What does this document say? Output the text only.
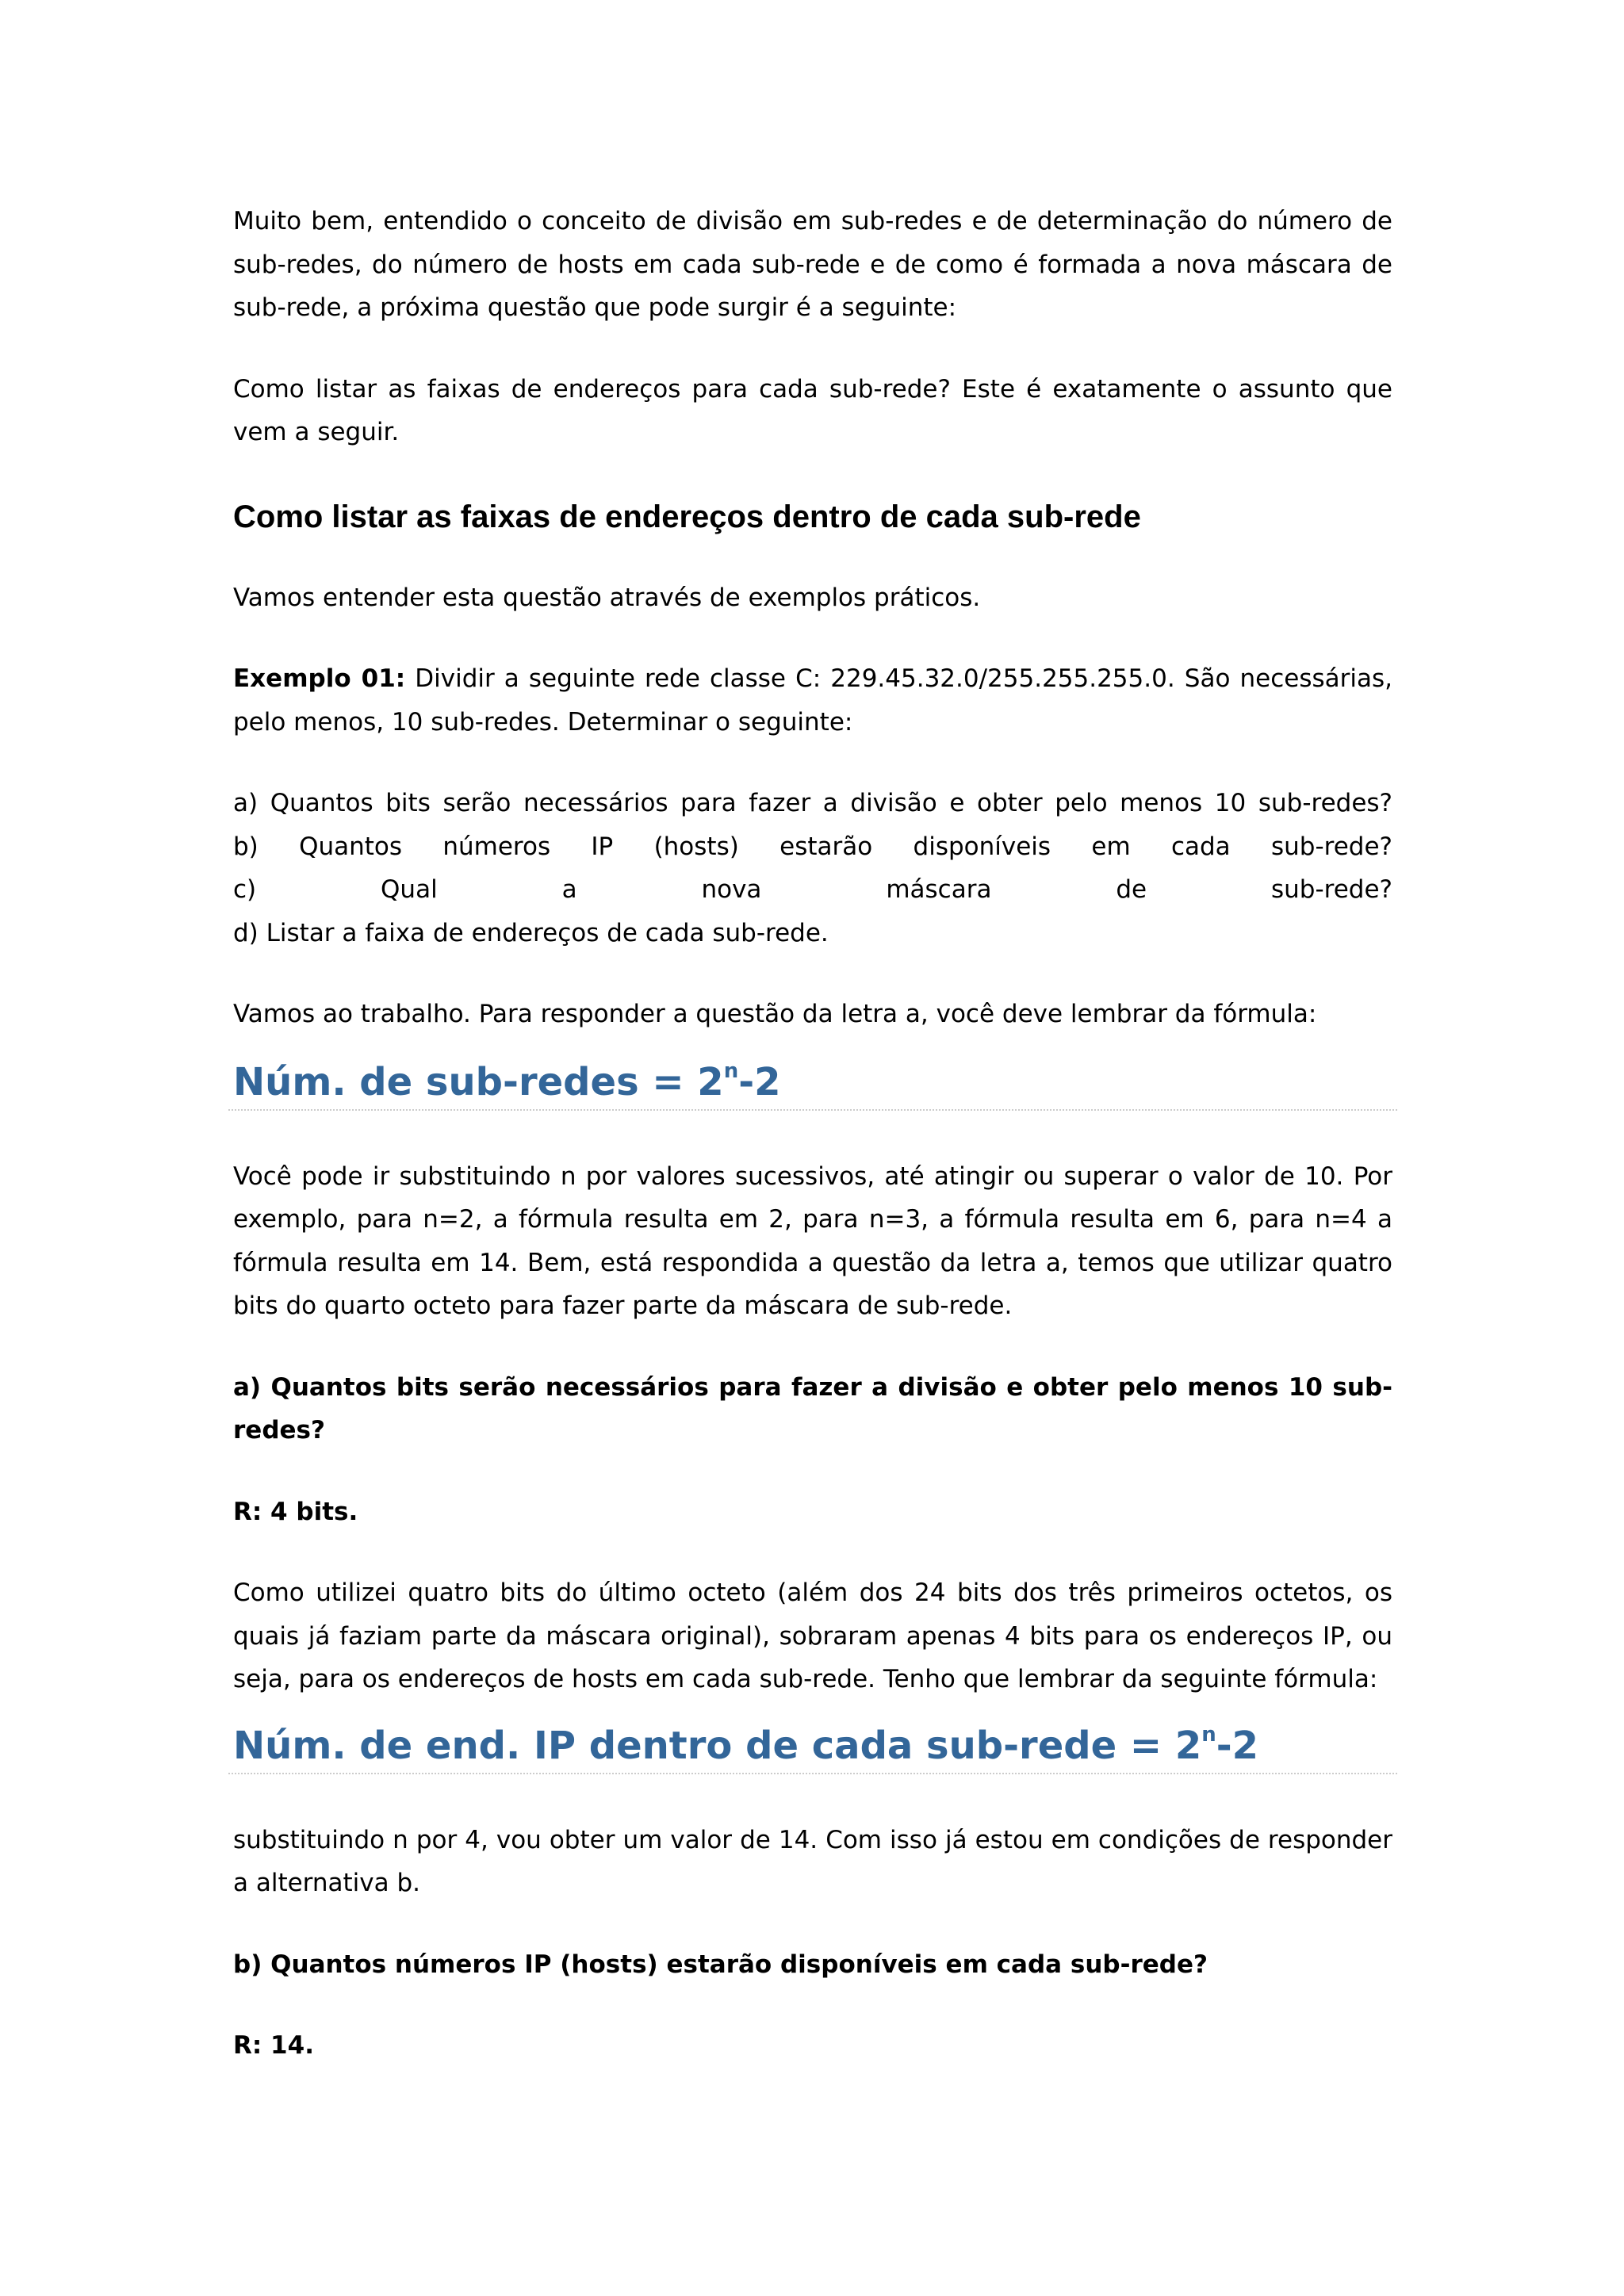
Muito bem, entendido o conceito de divisão em sub-redes e de determinação do número de sub-redes, do número de hosts em cada sub-rede e de como é formada a nova máscara de sub-rede, a próxima questão que pode surgir é a seguinte:

Como listar as faixas de endereços para cada sub-rede? Este é exatamente o assunto que vem a seguir.

Como listar as faixas de endereços dentro de cada sub-rede

Vamos entender esta questão através de exemplos práticos.

Exemplo 01: Dividir a seguinte rede classe C: 229.45.32.0/255.255.255.0. São necessárias, pelo menos, 10 sub-redes. Determinar o seguinte:

a) Quantos bits serão necessários para fazer a divisão e obter pelo menos 10 sub-redes?
b) Quantos números IP (hosts) estarão disponíveis em cada sub-rede?
c) Qual a nova máscara de sub-rede?
d) Listar a faixa de endereços de cada sub-rede.

Vamos ao trabalho. Para responder a questão da letra a, você deve lembrar da fórmula:

Núm. de sub-redes = $2^n-2$

Você pode ir substituindo n por valores sucessivos, até atingir ou superar o valor de 10. Por exemplo, para n=2, a fórmula resulta em 2, para n=3, a fórmula resulta em 6, para n=4 a fórmula resulta em 14. Bem, está respondida a questão da letra a, temos que utilizar quatro bits do quarto octeto para fazer parte da máscara de sub-rede.

a) Quantos bits serão necessários para fazer a divisão e obter pelo menos 10 sub-redes?

R: 4 bits.

Como utilizei quatro bits do último octeto (além dos 24 bits dos três primeiros octetos, os quais já faziam parte da máscara original), sobraram apenas 4 bits para os endereços IP, ou seja, para os endereços de hosts em cada sub-rede. Tenho que lembrar da seguinte fórmula:

Núm. de end. IP dentro de cada sub-rede = $2^n-2$

substituindo n por 4, vou obter um valor de 14. Com isso já estou em condições de responder a alternativa b.

b) Quantos números IP (hosts) estarão disponíveis em cada sub-rede?

R: 14.
